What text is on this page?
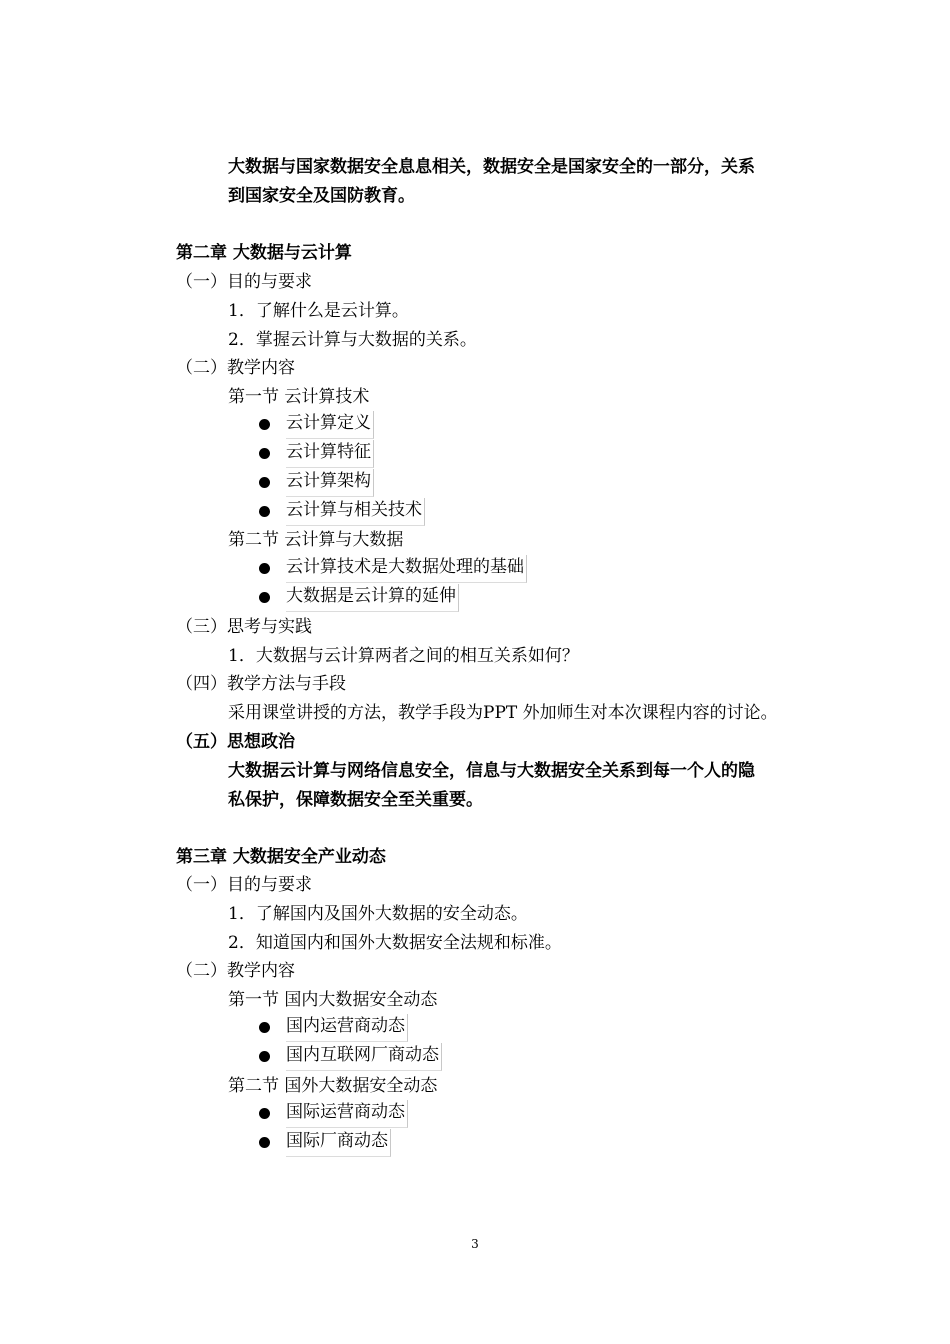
大数据与国家数据安全息息相关，数据安全是国家安全的一部分，关系
到国家安全及国防教育。
第二章 大数据与云计算
（一）目的与要求
1．了解什么是云计算。
2．掌握云计算与大数据的关系。
（二）教学内容
第一节 云计算技术
云计算定义
云计算特征
云计算架构
云计算与相关技术
第二节 云计算与大数据
云计算技术是大数据处理的基础
大数据是云计算的延伸
（三）思考与实践
1．大数据与云计算两者之间的相互关系如何？
（四）教学方法与手段
采用课堂讲授的方法，教学手段为PPT 外加师生对本次课程内容的讨论。
（五）思想政治
大数据云计算与网络信息安全，信息与大数据安全关系到每一个人的隐
私保护，保障数据安全至关重要。
第三章 大数据安全产业动态
（一）目的与要求
1．了解国内及国外大数据的安全动态。
2．知道国内和国外大数据安全法规和标准。
（二）教学内容
第一节 国内大数据安全动态
国内运营商动态
国内互联网厂商动态
第二节 国外大数据安全动态
国际运营商动态
国际厂商动态
3
